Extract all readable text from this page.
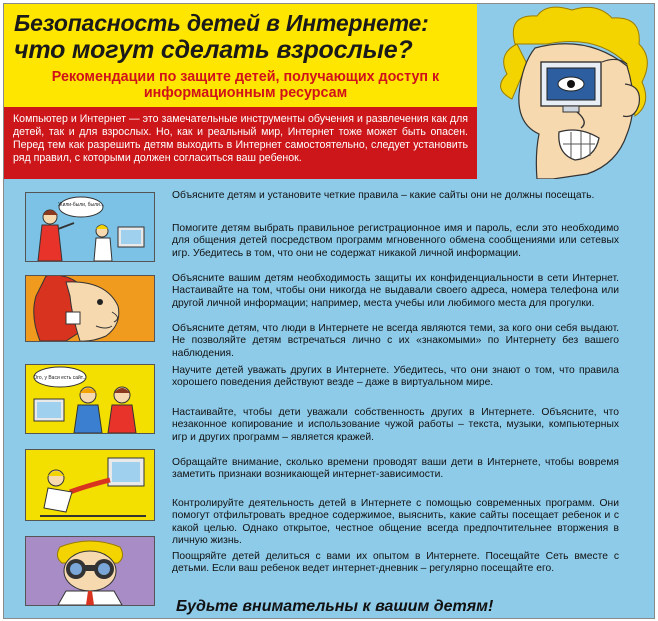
Безопасность детей в Интернете:
что могут сделать взрослые?
Рекомендации по защите детей, получающих доступ к информационным ресурсам

Компьютер и Интернет — это замечательные инструменты обучения и развлечения как для детей, так и для взрослых. Но, как и реальный мир, Интернет тоже может быть опасен. Перед тем как разрешить детям выходить в Интернет самостоятельно, следует установить ряд правил, с которыми должен согласиться ваш ребенок.

Жили-были, были...
Ого, у Васи есть сайт...

Объясните детям и установите четкие правила – какие сайты они не должны посещать.

Помогите детям выбрать правильное регистрационное имя и пароль, если это необходимо для общения детей посредством программ мгновенного обмена сообщениями или сетевых игр. Убедитесь в том, что они не содержат никакой личной информации.

Объясните вашим детям необходимость защиты их конфиденциальности в сети Интернет. Настаивайте на том, чтобы они никогда не выдавали своего адреса, номера телефона или другой личной информации; например, места учебы или любимого места для прогулки.

Объясните детям, что люди в Интернете не всегда являются теми, за кого они себя выдают. Не позволяйте детям встречаться лично с их «знакомыми» по Интернету без вашего наблюдения.

Научите детей уважать других в Интернете. Убедитесь, что они знают о том, что правила хорошего поведения действуют везде – даже в виртуальном мире.

Настаивайте, чтобы дети уважали собственность других в Интернете. Объясните, что незаконное копирование и использование чужой работы – текста, музыки, компьютерных игр и других программ – является кражей.

Обращайте внимание, сколько времени проводят ваши дети в Интернете, чтобы вовремя заметить признаки возникающей интернет-зависимости.

Контролируйте деятельность детей в Интернете с помощью современных программ. Они помогут отфильтровать вредное содержимое, выяснить, какие сайты посещает ребенок и с какой целью. Однако открытое, честное общение всегда предпочтительнее вторжения в личную жизнь.

Поощряйте детей делиться с вами их опытом в Интернете. Посещайте Сеть вместе с детьми. Если ваш ребенок ведет интернет-дневник – регулярно посещайте его.

Будьте внимательны к вашим детям!
